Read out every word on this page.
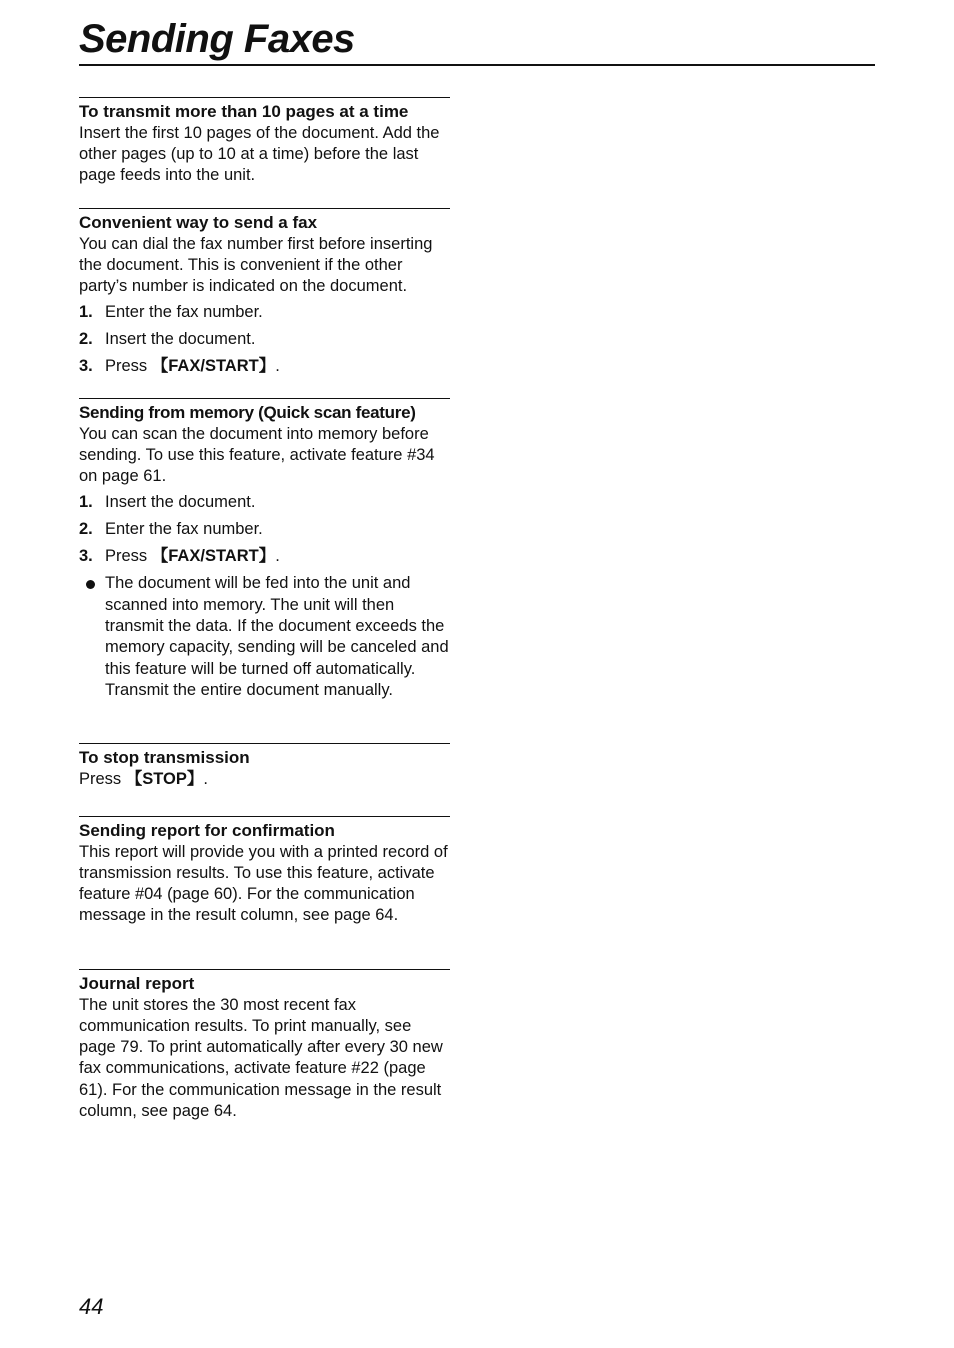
Sending Faxes
To transmit more than 10 pages at a time

Insert the first 10 pages of the document. Add the other pages (up to 10 at a time) before the last page feeds into the unit.

Convenient way to send a fax

You can dial the fax number first before inserting the document. This is convenient if the other party’s number is indicated on the document.

1. Enter the fax number.
2. Insert the document.
3. Press 【FAX/START】.
Sending from memory (Quick scan feature)

You can scan the document into memory before sending. To use this feature, activate feature #34 on page 61.

1. Insert the document.
2. Enter the fax number.
3. Press 【FAX/START】.
The document will be fed into the unit and scanned into memory. The unit will then transmit the data. If the document exceeds the memory capacity, sending will be canceled and this feature will be turned off automatically. Transmit the entire document manually.
To stop transmission

Press 【STOP】.

Sending report for confirmation

This report will provide you with a printed record of transmission results. To use this feature, activate feature #04 (page 60). For the communication message in the result column, see page 64.

Journal report

The unit stores the 30 most recent fax communication results. To print manually, see page 79. To print automatically after every 30 new fax communications, activate feature #22 (page 61). For the communication message in the result column, see page 64.

44
